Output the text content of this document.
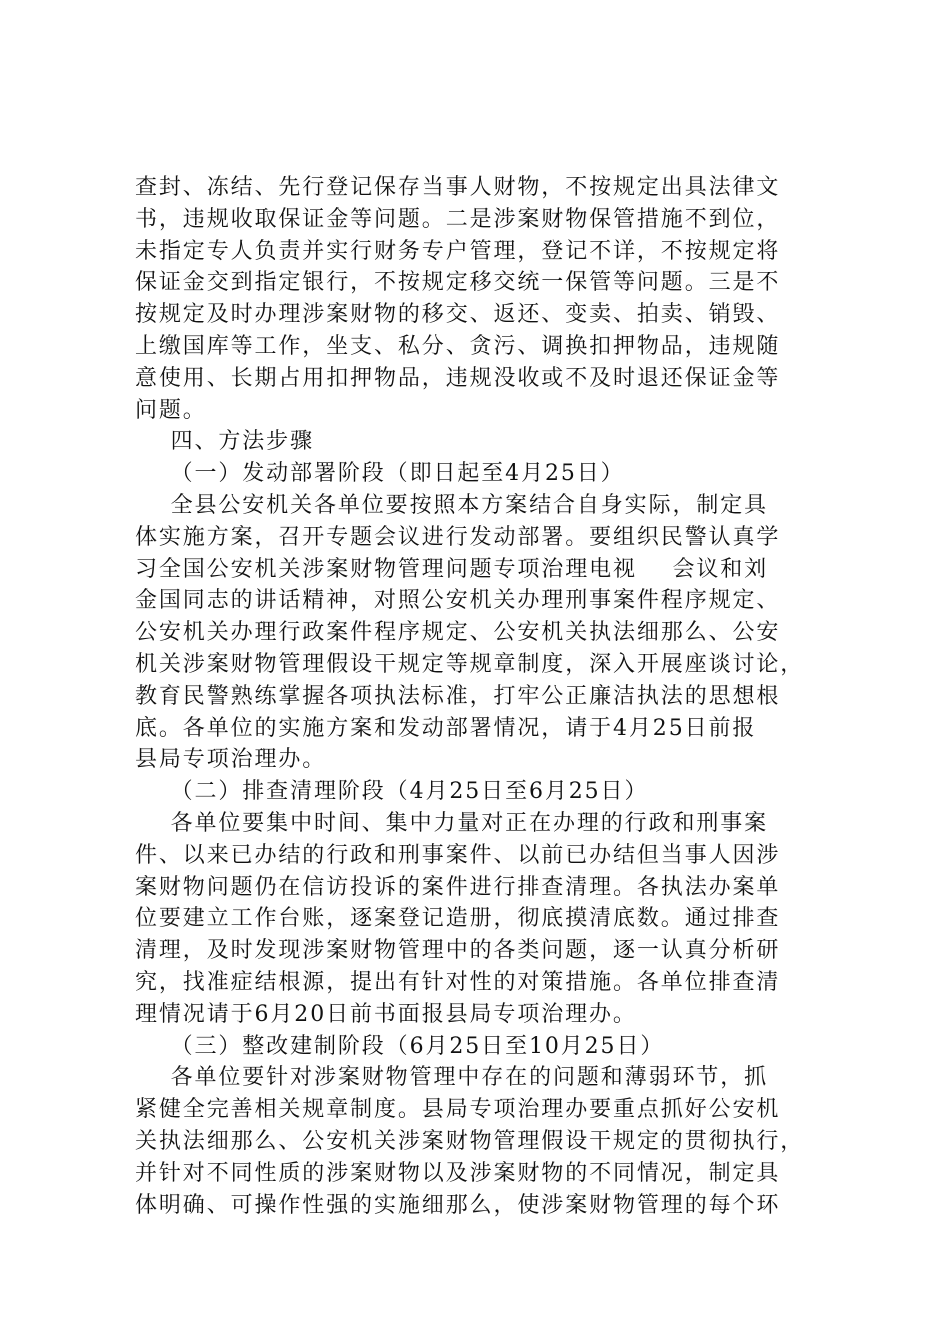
查封、冻结、先行登记保存当事人财物，不按规定出具法律文
书，违规收取保证金等问题。二是涉案财物保管措施不到位，
未指定专人负责并实行财务专户管理，登记不详，不按规定将
保证金交到指定银行，不按规定移交统一保管等问题。三是不
按规定及时办理涉案财物的移交、返还、变卖、拍卖、销毁、
上缴国库等工作，坐支、私分、贪污、调换扣押物品，违规随
意使用、长期占用扣押物品，违规没收或不及时退还保证金等
问题。
四、方法步骤
（一）发动部署阶段（即日起至4月25日）
全县公安机关各单位要按照本方案结合自身实际，制定具
体实施方案，召开专题会议进行发动部署。要组织民警认真学
习全国公安机关涉案财物管理问题专项治理电视    会议和刘
金国同志的讲话精神，对照公安机关办理刑事案件程序规定、
公安机关办理行政案件程序规定、公安机关执法细那么、公安
机关涉案财物管理假设干规定等规章制度，深入开展座谈讨论，
教育民警熟练掌握各项执法标准，打牢公正廉洁执法的思想根
底。各单位的实施方案和发动部署情况，请于4月25日前报
县局专项治理办。
（二）排查清理阶段（4月25日至6月25日）
各单位要集中时间、集中力量对正在办理的行政和刑事案
件、以来已办结的行政和刑事案件、以前已办结但当事人因涉
案财物问题仍在信访投诉的案件进行排查清理。各执法办案单
位要建立工作台账，逐案登记造册，彻底摸清底数。通过排查
清理，及时发现涉案财物管理中的各类问题，逐一认真分析研
究，找准症结根源，提出有针对性的对策措施。各单位排查清
理情况请于6月20日前书面报县局专项治理办。
（三）整改建制阶段（6月25日至10月25日）
各单位要针对涉案财物管理中存在的问题和薄弱环节，抓
紧健全完善相关规章制度。县局专项治理办要重点抓好公安机
关执法细那么、公安机关涉案财物管理假设干规定的贯彻执行，
并针对不同性质的涉案财物以及涉案财物的不同情况，制定具
体明确、可操作性强的实施细那么，使涉案财物管理的每个环
